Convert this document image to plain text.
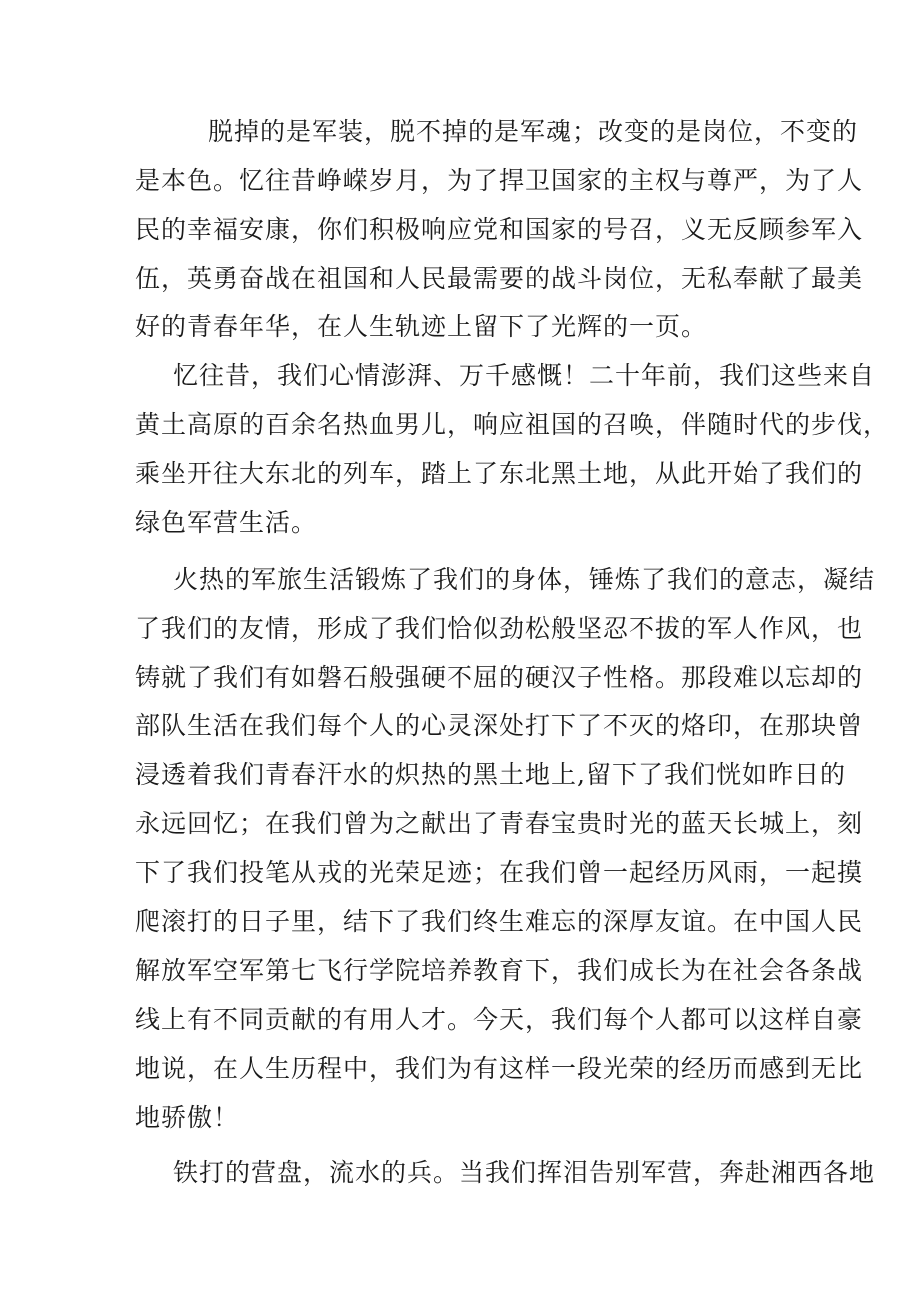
脱掉的是军装，脱不掉的是军魂；改变的是岗位，不变的
是本色。忆往昔峥嵘岁月，为了捍卫国家的主权与尊严，为了人
民的幸福安康，你们积极响应党和国家的号召，义无反顾参军入
伍，英勇奋战在祖国和人民最需要的战斗岗位，无私奉献了最美
好的青春年华，在人生轨迹上留下了光辉的一页。
忆往昔，我们心情澎湃、万千感慨！二十年前，我们这些来自
黄土高原的百余名热血男儿，响应祖国的召唤，伴随时代的步伐，
乘坐开往大东北的列车，踏上了东北黑土地，从此开始了我们的
绿色军营生活。
火热的军旅生活锻炼了我们的身体，锤炼了我们的意志，凝结
了我们的友情，形成了我们恰似劲松般坚忍不拔的军人作风，也
铸就了我们有如磐石般强硬不屈的硬汉子性格。那段难以忘却的
部队生活在我们每个人的心灵深处打下了不灭的烙印，在那块曾
浸透着我们青春汗水的炽热的黑土地上,留下了我们恍如昨日的
永远回忆；在我们曾为之献出了青春宝贵时光的蓝天长城上，刻
下了我们投笔从戎的光荣足迹；在我们曾一起经历风雨，一起摸
爬滚打的日子里，结下了我们终生难忘的深厚友谊。在中国人民
解放军空军第七飞行学院培养教育下，我们成长为在社会各条战
线上有不同贡献的有用人才。今天，我们每个人都可以这样自豪
地说，在人生历程中，我们为有这样一段光荣的经历而感到无比
地骄傲！
铁打的营盘，流水的兵。当我们挥泪告别军营，奔赴湘西各地
